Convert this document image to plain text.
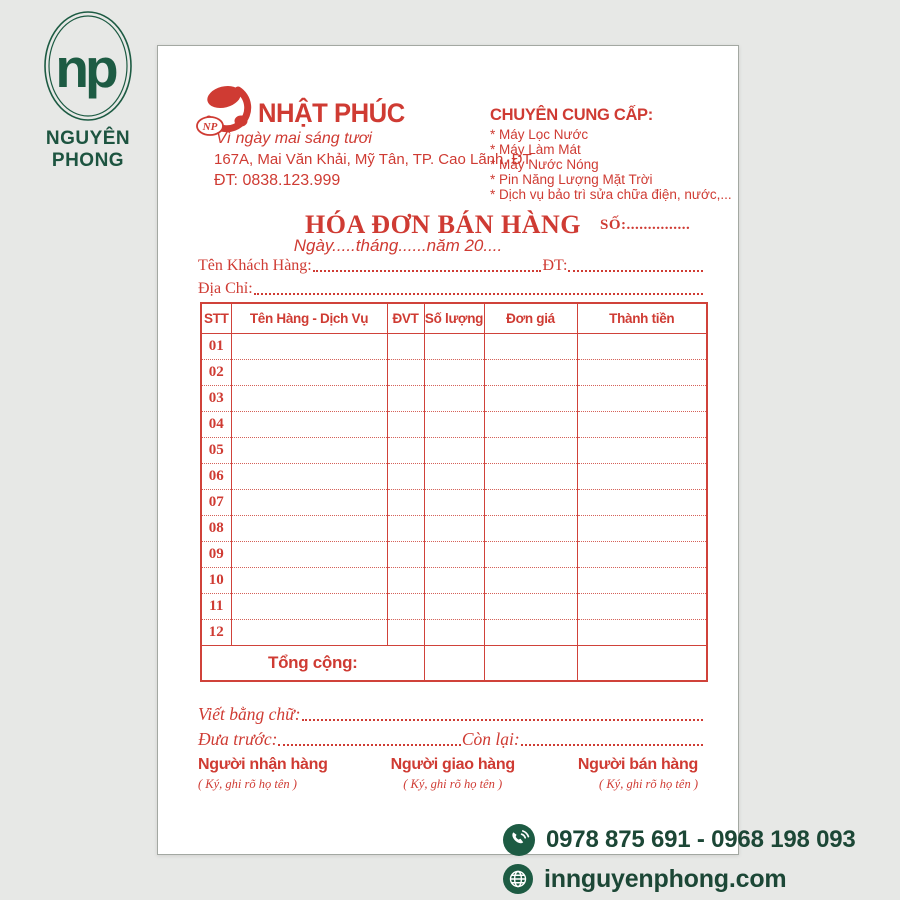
np
NGUYÊN PHONG
NP NHẬT PHÚC
Vì ngày mai sáng tươi
167A, Mai Văn Khải, Mỹ Tân, TP. Cao Lãnh, ĐT
ĐT: 0838.123.999
CHUYÊN CUNG CẤP:
* Máy Lọc Nước
* Máy Làm Mát
* Máy Nước Nóng
* Pin Năng Lượng Mặt Trời
* Dịch vụ bảo trì sửa chữa điện, nước,...
HÓA ĐƠN BÁN HÀNG	SỐ:...............
Ngày.....tháng......năm 20....
Tên Khách Hàng:	ĐT:
Địa Chỉ:
STT	Tên Hàng - Dịch Vụ	ĐVT	Số lượng	Đơn giá	Thành tiền
01					
02					
03					
04					
05					
06					
07					
08					
09					
10					
11					
12					
Tổng cộng:					
Viết bằng chữ:
Đưa trước:	Còn lại:
Người nhận hàng
( Ký, ghi rõ họ tên )
Người giao hàng
( Ký, ghi rõ họ tên )
Người bán hàng
( Ký, ghi rõ họ tên )
0978 875 691 - 0968 198 093
innguyenphong.com
